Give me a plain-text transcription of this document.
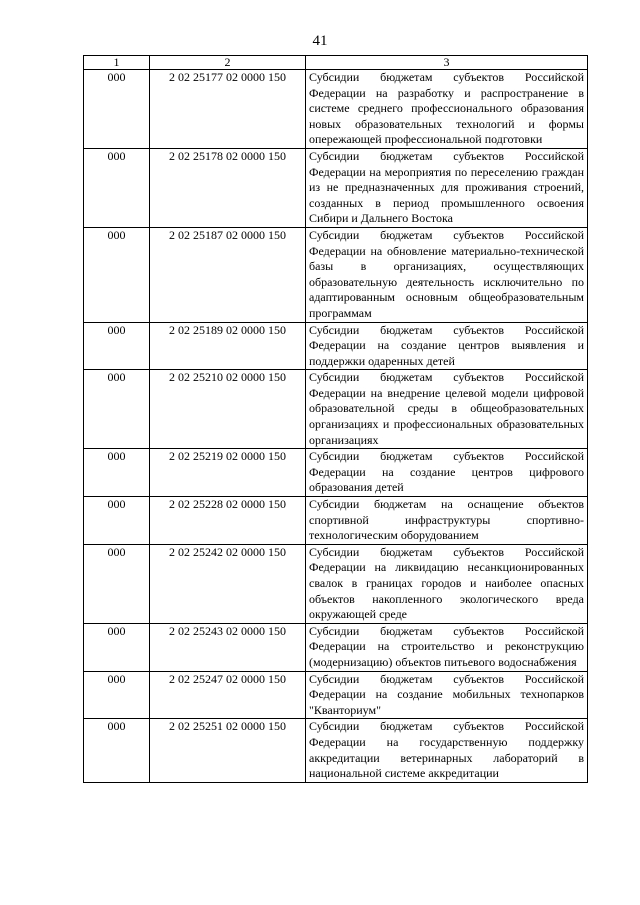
41
1	2	3
000	2 02 25177 02 0000 150	Субсидии бюджетам субъектов Российской Федерации на разработку и распространение в системе среднего профессионального образования новых образовательных технологий и формы опережающей профессиональной подготовки
000	2 02 25178 02 0000 150	Субсидии бюджетам субъектов Российской Федерации на мероприятия по переселению граждан из не предназначенных для проживания строений, созданных в период промышленного освоения Сибири и Дальнего Востока
000	2 02 25187 02 0000 150	Субсидии бюджетам субъектов Российской Федерации на обновление материально-технической базы в организациях, осуществляющих образовательную деятельность исключительно по адаптированным основным общеобразовательным программам
000	2 02 25189 02 0000 150	Субсидии бюджетам субъектов Российской Федерации на создание центров выявления и поддержки одаренных детей
000	2 02 25210 02 0000 150	Субсидии бюджетам субъектов Российской Федерации на внедрение целевой модели цифровой образовательной среды в общеобразовательных организациях и профессиональных образовательных организациях
000	2 02 25219 02 0000 150	Субсидии бюджетам субъектов Российской Федерации на создание центров цифрового образования детей
000	2 02 25228 02 0000 150	Субсидии бюджетам на оснащение объектов спортивной инфраструктуры спортивно-технологическим оборудованием
000	2 02 25242 02 0000 150	Субсидии бюджетам субъектов Российской Федерации на ликвидацию несанкционированных свалок в границах городов и наиболее опасных объектов накопленного экологического вреда окружающей среде
000	2 02 25243 02 0000 150	Субсидии бюджетам субъектов Российской Федерации на строительство и реконструкцию (модернизацию) объектов питьевого водоснабжения
000	2 02 25247 02 0000 150	Субсидии бюджетам субъектов Российской Федерации на создание мобильных технопарков "Кванториум"
000	2 02 25251 02 0000 150	Субсидии бюджетам субъектов Российской Федерации на государственную поддержку аккредитации ветеринарных лабораторий в национальной системе аккредитации
